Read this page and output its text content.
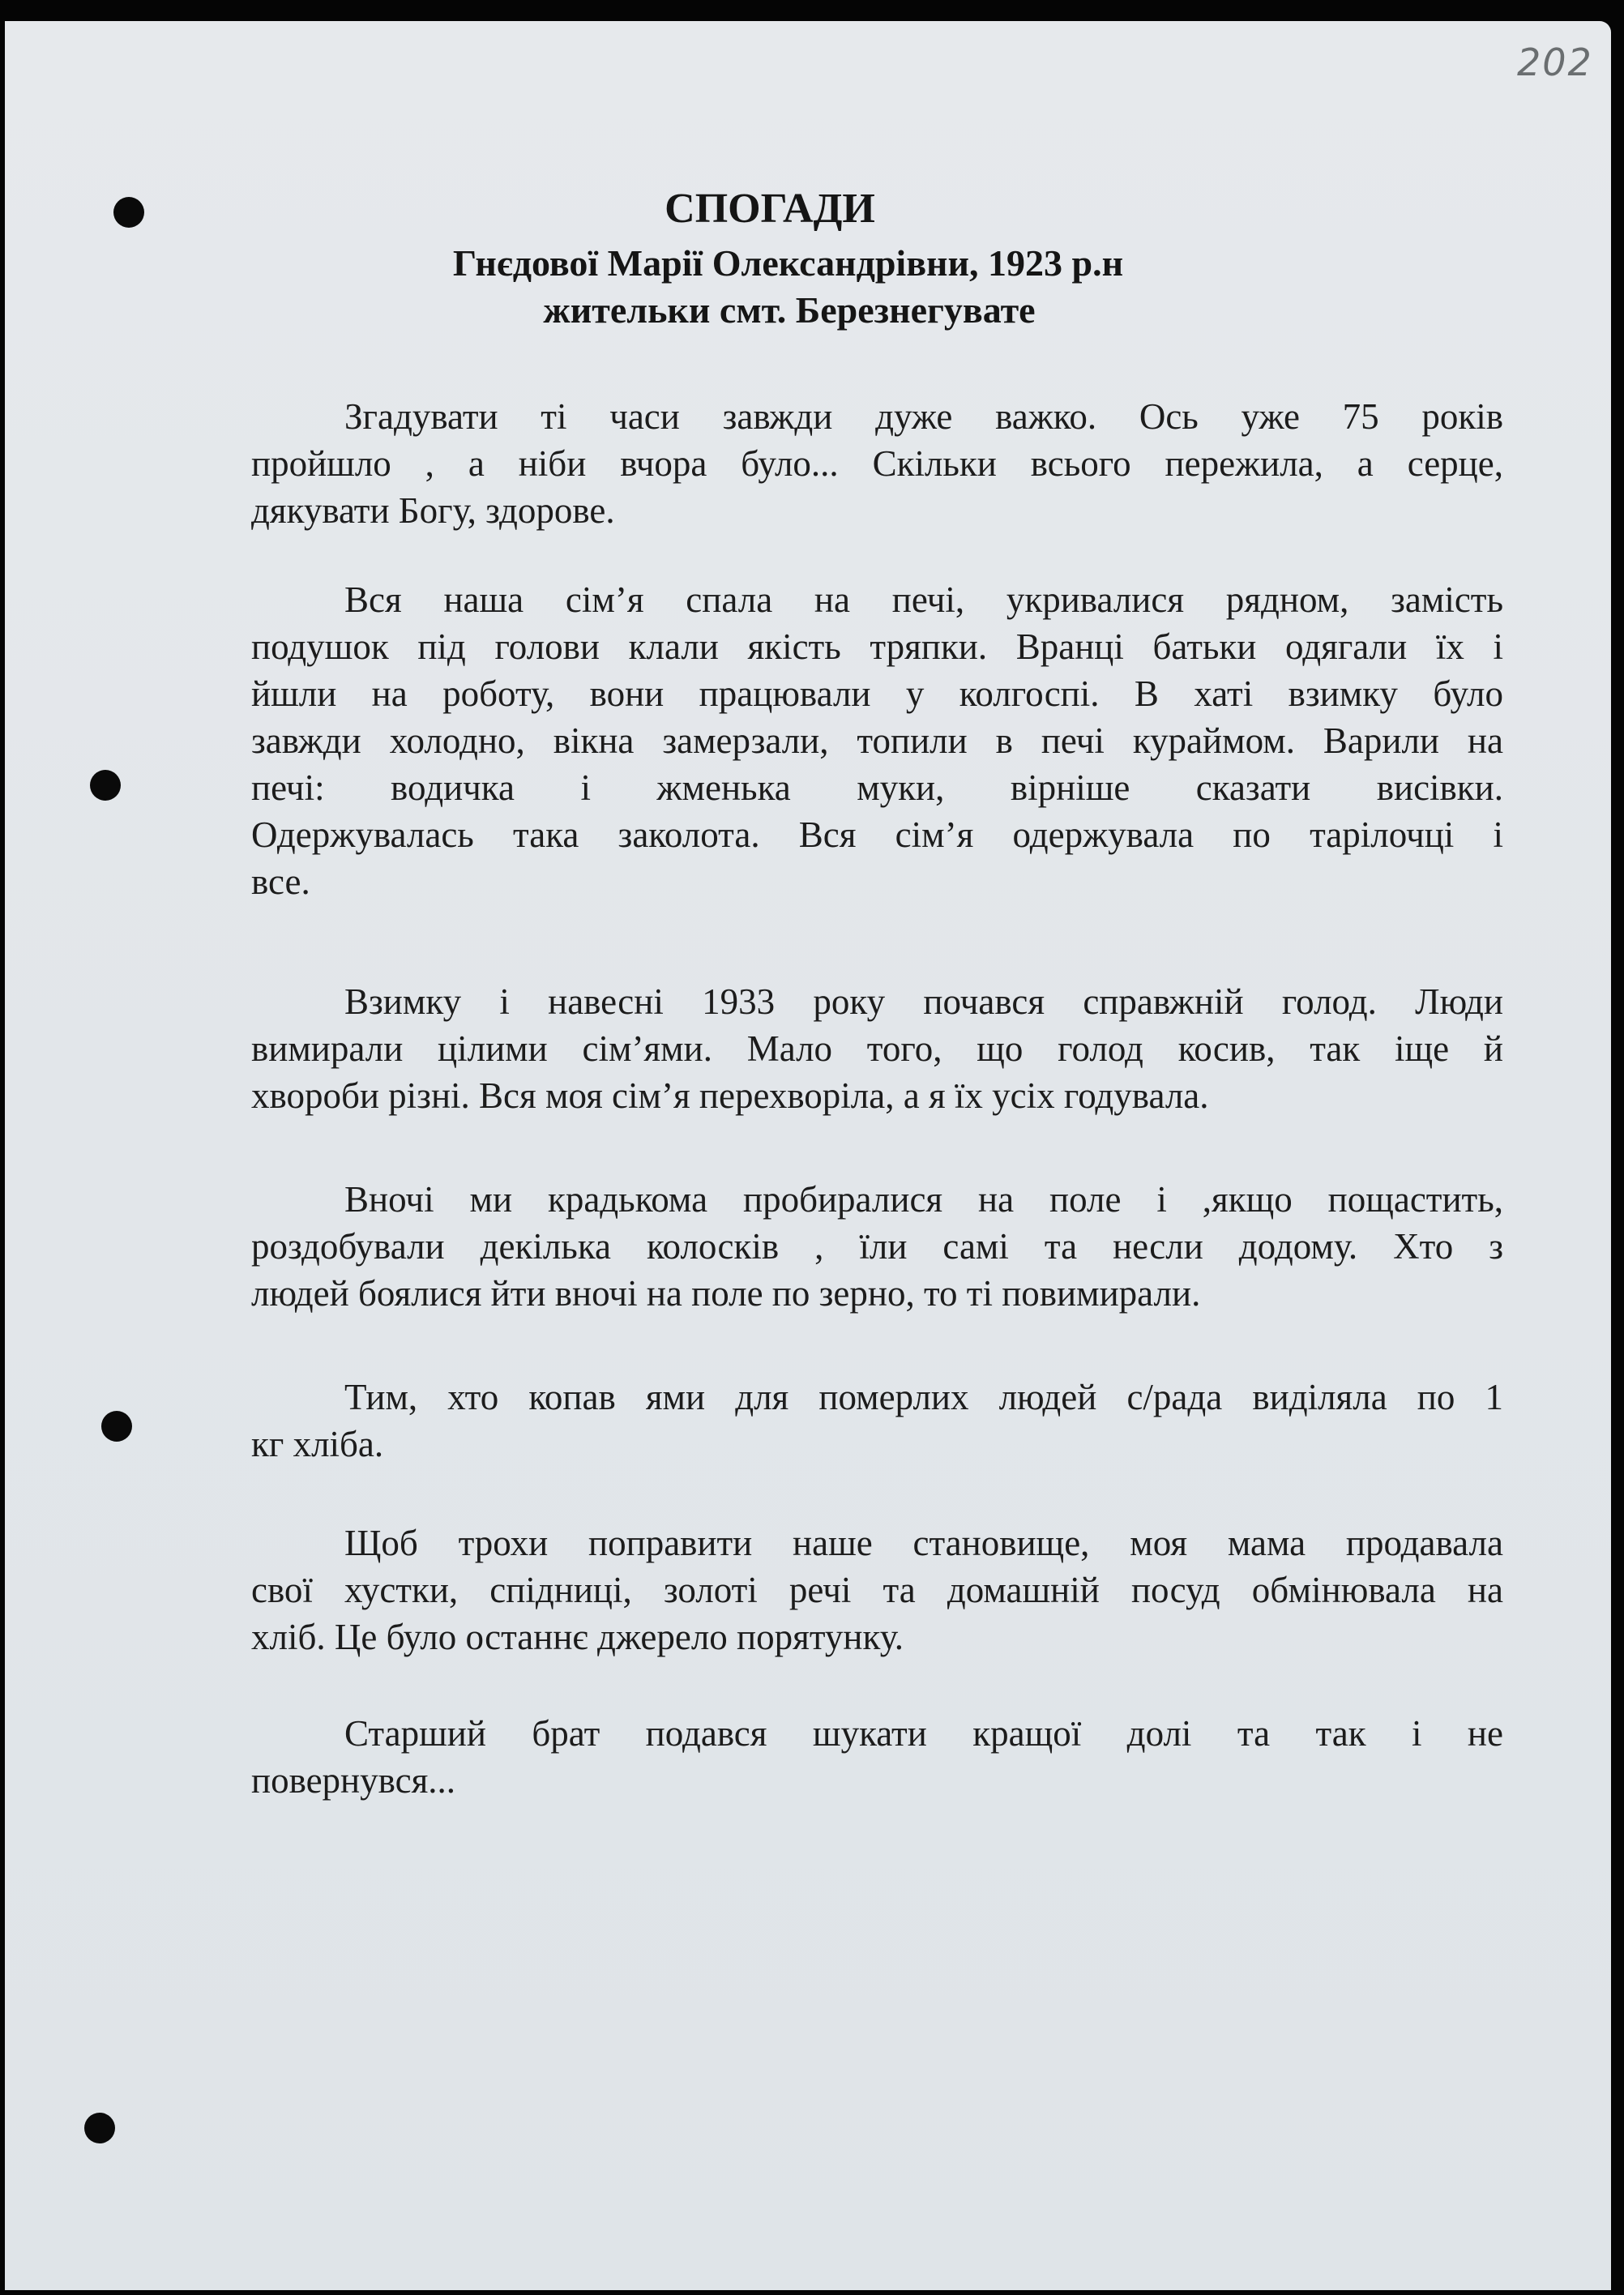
202
СПОГАДИ
Гнєдової Марії Олександрівни, 1923 р.н
жительки смт. Березнегувате
Згадувати ті часи завжди дуже важко. Ось уже 75 років
пройшло , а ніби вчора було... Скільки всього пережила, а серце,
дякувати Богу, здорове.
Вся наша сім’я спала на печі, укривалися рядном, замість
подушок під голови клали якість тряпки. Вранці батьки одягали їх і
йшли на роботу, вони працювали у колгоспі. В хаті взимку було
завжди холодно, вікна замерзали, топили в печі кураймом. Варили на
печі: водичка і жменька муки, вірніше сказати висівки.
Одержувалась така заколота. Вся сім’я одержувала по тарілочці і
все.
Взимку і навесні 1933 року почався справжній голод. Люди
вимирали цілими сім’ями. Мало того, що голод косив, так іще й
хвороби різні. Вся моя сім’я перехворіла, а я їх усіх годувала.
Вночі ми крадькома пробиралися на поле і ,якщо пощастить,
роздобували декілька колосків , їли самі та несли додому. Хто з
людей боялися йти вночі на поле по зерно, то ті повимирали.
Тим, хто копав ями для померлих людей с/рада виділяла по 1
кг хліба.
Щоб трохи поправити наше становище, моя мама продавала
свої хустки, спідниці, золоті речі та домашній посуд обмінювала на
хліб. Це було останнє джерело порятунку.
Старший брат подався шукати кращої долі та так і не
повернувся...
